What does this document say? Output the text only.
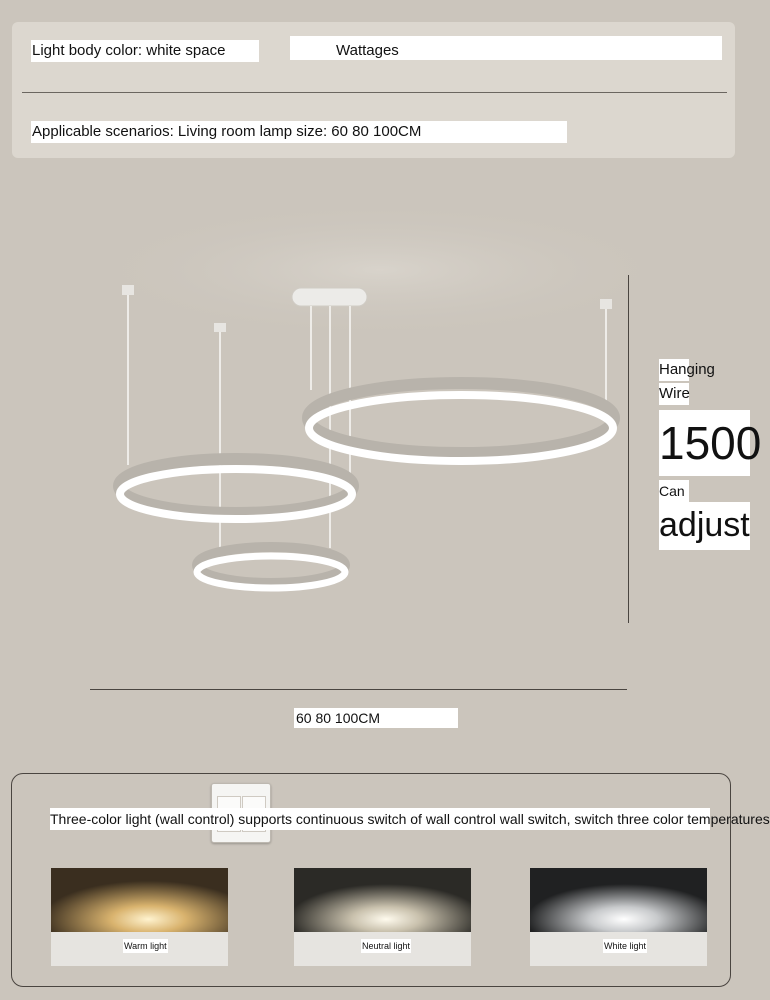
Light body color: white space	Wattages
Applicable scenarios: Living room lamp size: 60 80 100CM
Hanging
Wire
1500
Can
adjust
60 80 100CM
Three-color light (wall control) supports continuous switch of wall control wall switch, switch three color temperatures
Warm light	Neutral light	White light
